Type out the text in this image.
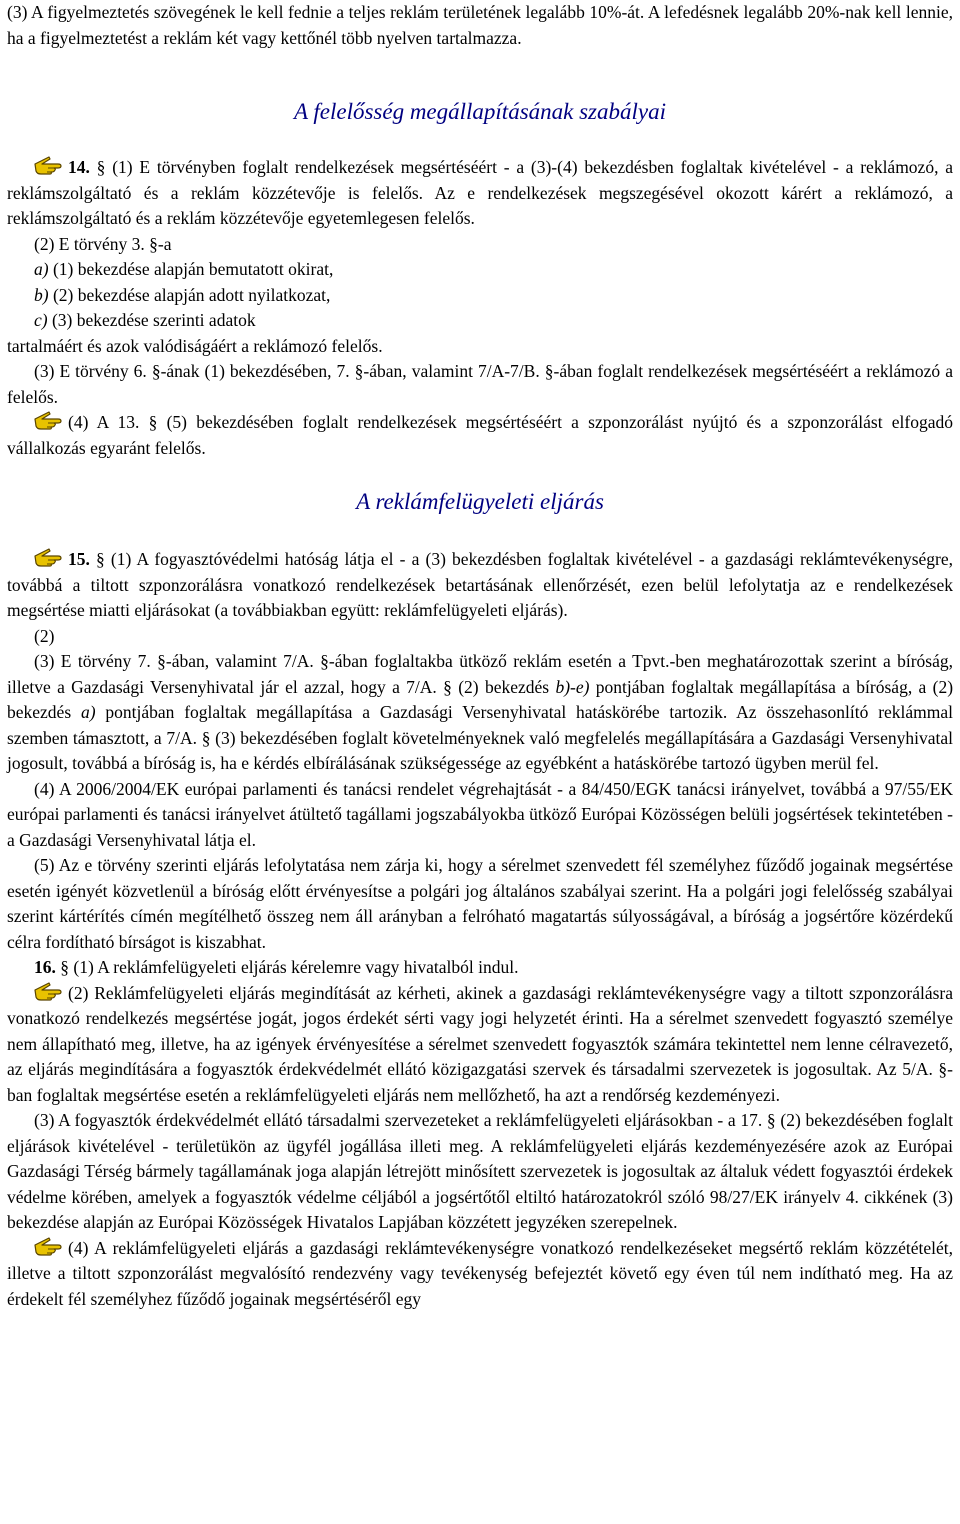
(3) A figyelmeztetés szövegének le kell fednie a teljes reklám területének legalább 10%-át. A lefedésnek legalább 20%-nak kell lennie, ha a figyelmeztetést a reklám két vagy kettőnél több nyelven tartalmazza.

A felelősség megállapításának szabályai

14. § (1) E törvényben foglalt rendelkezések megsértéséért - a (3)-(4) bekezdésben foglaltak kivételével - a reklámozó, a reklámszolgáltató és a reklám közzétevője is felelős. Az e rendelkezések megszegésével okozott kárért a reklámozó, a reklámszolgáltató és a reklám közzétevője egyetemlegesen felelős.

(2) E törvény 3. §-a

a) (1) bekezdése alapján bemutatott okirat,

b) (2) bekezdése alapján adott nyilatkozat,

c) (3) bekezdése szerinti adatok

tartalmáért és azok valódiságáért a reklámozó felelős.

(3) E törvény 6. §-ának (1) bekezdésében, 7. §-ában, valamint 7/A-7/B. §-ában foglalt rendelkezések megsértéséért a reklámozó a felelős.

(4) A 13. § (5) bekezdésében foglalt rendelkezések megsértéséért a szponzorálást nyújtó és a szponzorálást elfogadó vállalkozás egyaránt felelős.

A reklámfelügyeleti eljárás

15. § (1) A fogyasztóvédelmi hatóság látja el - a (3) bekezdésben foglaltak kivételével - a gazdasági reklámtevékenységre, továbbá a tiltott szponzorálásra vonatkozó rendelkezések betartásának ellenőrzését, ezen belül lefolytatja az e rendelkezések megsértése miatti eljárásokat (a továbbiakban együtt: reklámfelügyeleti eljárás).

(2)

(3) E törvény 7. §-ában, valamint 7/A. §-ában foglaltakba ütköző reklám esetén a Tpvt.-ben meghatározottak szerint a bíróság, illetve a Gazdasági Versenyhivatal jár el azzal, hogy a 7/A. § (2) bekezdés b)-e) pontjában foglaltak megállapítása a bíróság, a (2) bekezdés a) pontjában foglaltak megállapítása a Gazdasági Versenyhivatal hatáskörébe tartozik. Az összehasonlító reklámmal szemben támasztott, a 7/A. § (3) bekezdésében foglalt követelményeknek való megfelelés megállapítására a Gazdasági Versenyhivatal jogosult, továbbá a bíróság is, ha e kérdés elbírálásának szükségessége az egyébként a hatáskörébe tartozó ügyben merül fel.

(4) A 2006/2004/EK európai parlamenti és tanácsi rendelet végrehajtását - a 84/450/EGK tanácsi irányelvet, továbbá a 97/55/EK európai parlamenti és tanácsi irányelvet átültető tagállami jogszabályokba ütköző Európai Közösségen belüli jogsértések tekintetében - a Gazdasági Versenyhivatal látja el.

(5) Az e törvény szerinti eljárás lefolytatása nem zárja ki, hogy a sérelmet szenvedett fél személyhez fűződő jogainak megsértése esetén igényét közvetlenül a bíróság előtt érvényesítse a polgári jog általános szabályai szerint. Ha a polgári jogi felelősség szabályai szerint kártérítés címén megítélhető összeg nem áll arányban a felróható magatartás súlyosságával, a bíróság a jogsértőre közérdekű célra fordítható bírságot is kiszabhat.

16. § (1) A reklámfelügyeleti eljárás kérelemre vagy hivatalból indul.

(2) Reklámfelügyeleti eljárás megindítását az kérheti, akinek a gazdasági reklámtevékenységre vagy a tiltott szponzorálásra vonatkozó rendelkezés megsértése jogát, jogos érdekét sérti vagy jogi helyzetét érinti. Ha a sérelmet szenvedett fogyasztó személye nem állapítható meg, illetve, ha az igények érvényesítése a sérelmet szenvedett fogyasztók számára tekintettel nem lenne célravezető, az eljárás megindítására a fogyasztók érdekvédelmét ellátó közigazgatási szervek és társadalmi szervezetek is jogosultak. Az 5/A. §-ban foglaltak megsértése esetén a reklámfelügyeleti eljárás nem mellőzhető, ha azt a rendőrség kezdeményezi.

(3) A fogyasztók érdekvédelmét ellátó társadalmi szervezeteket a reklámfelügyeleti eljárásokban - a 17. § (2) bekezdésében foglalt eljárások kivételével - területükön az ügyfél jogállása illeti meg. A reklámfelügyeleti eljárás kezdeményezésére azok az Európai Gazdasági Térség bármely tagállamának joga alapján létrejött minősített szervezetek is jogosultak az általuk védett fogyasztói érdekek védelme körében, amelyek a fogyasztók védelme céljából a jogsértőtől eltiltó határozatokról szóló 98/27/EK irányelv 4. cikkének (3) bekezdése alapján az Európai Közösségek Hivatalos Lapjában közzétett jegyzéken szerepelnek.

(4) A reklámfelügyeleti eljárás a gazdasági reklámtevékenységre vonatkozó rendelkezéseket megsértő reklám közzétételét, illetve a tiltott szponzorálást megvalósító rendezvény vagy tevékenység befejeztét követő egy éven túl nem indítható meg. Ha az érdekelt fél személyhez fűződő jogainak megsértéséről egy
